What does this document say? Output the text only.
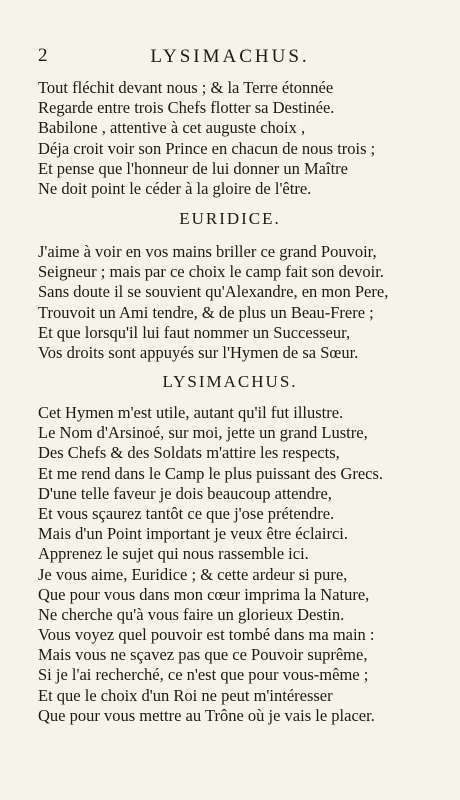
2	LYSIMACHUS.
Tout fléchit devant nous ; & la Terre étonnée
Regarde entre trois Chefs flotter sa Destinée.
Babilone , attentive à cet auguste choix ,
Déja croit voir son Prince en chacun de nous trois ;
Et pense que l'honneur de lui donner un Maître
Ne doit point le céder à la gloire de l'être.
EURIDICE.
J'aime à voir en vos mains briller ce grand Pouvoir,
Seigneur ; mais par ce choix le camp fait son devoir.
Sans doute il se souvient qu'Alexandre, en mon Pere,
Trouvoit un Ami tendre, & de plus un Beau-Frere ;
Et que lorsqu'il lui faut nommer un Successeur,
Vos droits sont appuyés sur l'Hymen de sa Sœur.
LYSIMACHUS.
Cet Hymen m'est utile, autant qu'il fut illustre.
Le Nom d'Arsinoé, sur moi, jette un grand Lustre,
Des Chefs & des Soldats m'attire les respects,
Et me rend dans le Camp le plus puissant des Grecs.
D'une telle faveur je dois beaucoup attendre,
Et vous sçaurez tantôt ce que j'ose prétendre.
Mais d'un Point important je veux être éclairci.
Apprenez le sujet qui nous rassemble ici.
Je vous aime, Euridice ; & cette ardeur si pure,
Que pour vous dans mon cœur imprima la Nature,
Ne cherche qu'à vous faire un glorieux Destin.
Vous voyez quel pouvoir est tombé dans ma main :
Mais vous ne sçavez pas que ce Pouvoir suprême,
Si je l'ai recherché, ce n'est que pour vous-même ;
Et que le choix d'un Roi ne peut m'intéresser
Que pour vous mettre au Trône où je vais le placer.
